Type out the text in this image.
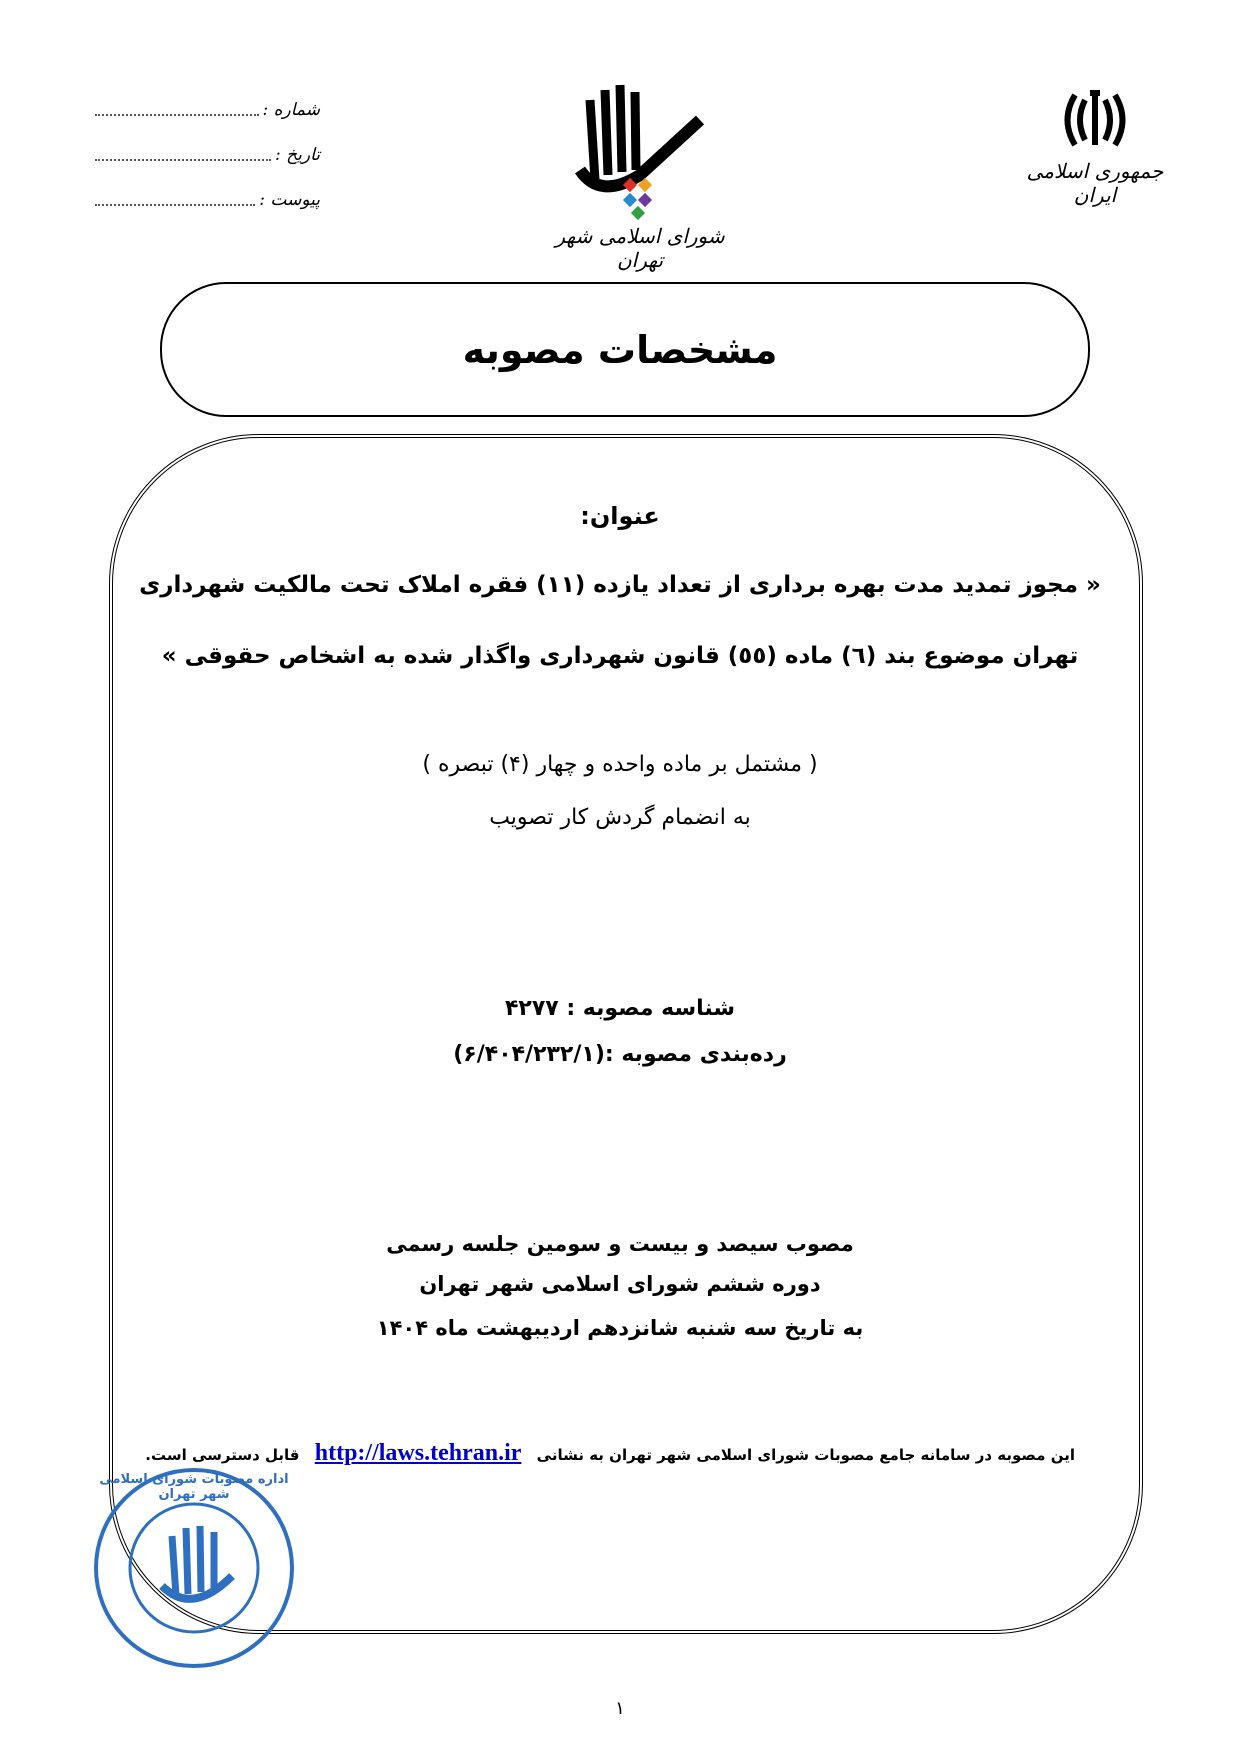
شماره :
تاریخ :
پیوست :
شورای اسلامی شهر تهران
جمهوری اسلامی ایران
مشخصات مصوبه
عنوان:
« مجوز تمدید مدت بهره برداری از تعداد یازده (۱۱) فقره املاک تحت مالکیت شهرداری
تهران موضوع بند (٦) ماده (٥٥) قانون شهرداری واگذار شده به اشخاص حقوقی »
( مشتمل بر ماده واحده و چهار (۴) تبصره )
به انضمام گردش کار تصویب
شناسه مصوبه : ۴۲۷۷
رده‌بندی مصوبه :(۶/۴۰۴/۲۳۲/۱)
مصوب سیصد و بیست و سومین جلسه رسمی
دوره ششم شورای اسلامی شهر تهران
به تاریخ سه شنبه شانزدهم اردیبهشت ماه ۱۴۰۴
این مصوبه در سامانه جامع مصوبات شورای اسلامی شهر تهران به نشانی http://laws.tehran.ir قابل دسترسی است.
اداره مصوبات شورای اسلامی شهر تهران
۱
